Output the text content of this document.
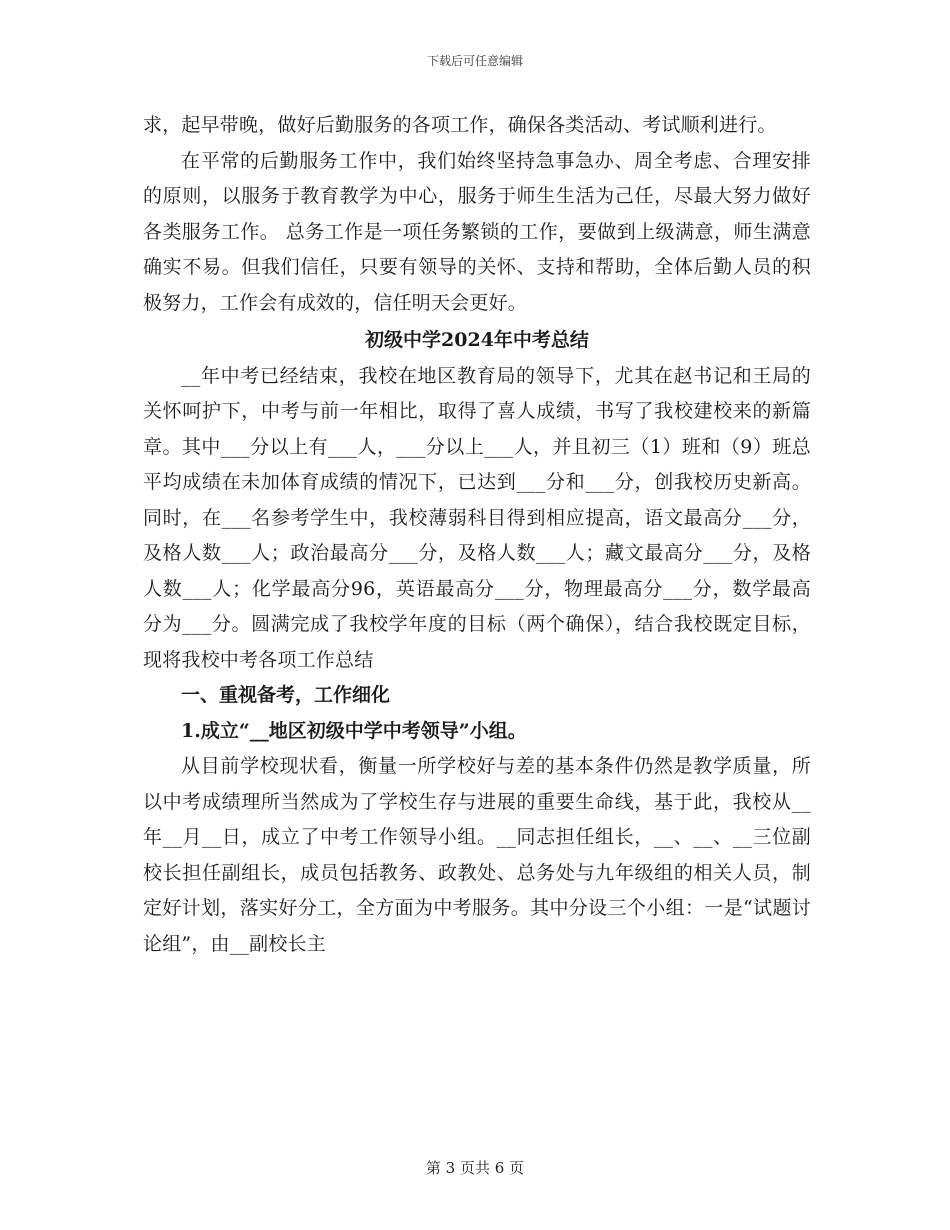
下载后可任意编辑

求，起早带晚，做好后勤服务的各项工作，确保各类活动、考试顺利进行。

在平常的后勤服务工作中，我们始终坚持急事急办、周全考虑、合理安排的原则，以服务于教育教学为中心，服务于师生生活为己任，尽最大努力做好各类服务工作。 总务工作是一项任务繁锁的工作，要做到上级满意，师生满意确实不易。但我们信任，只要有领导的关怀、支持和帮助，全体后勤人员的积极努力，工作会有成效的，信任明天会更好。

初级中学2024年中考总结

__年中考已经结束，我校在地区教育局的领导下，尤其在赵书记和王局的关怀呵护下，中考与前一年相比，取得了喜人成绩，书写了我校建校来的新篇章。其中___分以上有___人，___分以上___人，并且初三（1）班和（9）班总平均成绩在未加体育成绩的情况下，已达到___分和___分，创我校历史新高。同时，在___名参考学生中，我校薄弱科目得到相应提高，语文最高分___分，及格人数___人；政治最高分___分，及格人数___人；藏文最高分___分，及格人数___人；化学最高分96，英语最高分___分，物理最高分___分，数学最高分为___分。圆满完成了我校学年度的目标（两个确保），结合我校既定目标，现将我校中考各项工作总结

一、重视备考，工作细化

1.成立“__地区初级中学中考领导”小组。

从目前学校现状看，衡量一所学校好与差的基本条件仍然是教学质量，所以中考成绩理所当然成为了学校生存与进展的重要生命线，基于此，我校从__年__月__日，成立了中考工作领导小组。__同志担任组长，__、__、__三位副校长担任副组长，成员包括教务、政教处、总务处与九年级组的相关人员，制定好计划，落实好分工，全方面为中考服务。其中分设三个小组：一是“试题讨论组”，由__副校长主

第 3 页共 6 页
